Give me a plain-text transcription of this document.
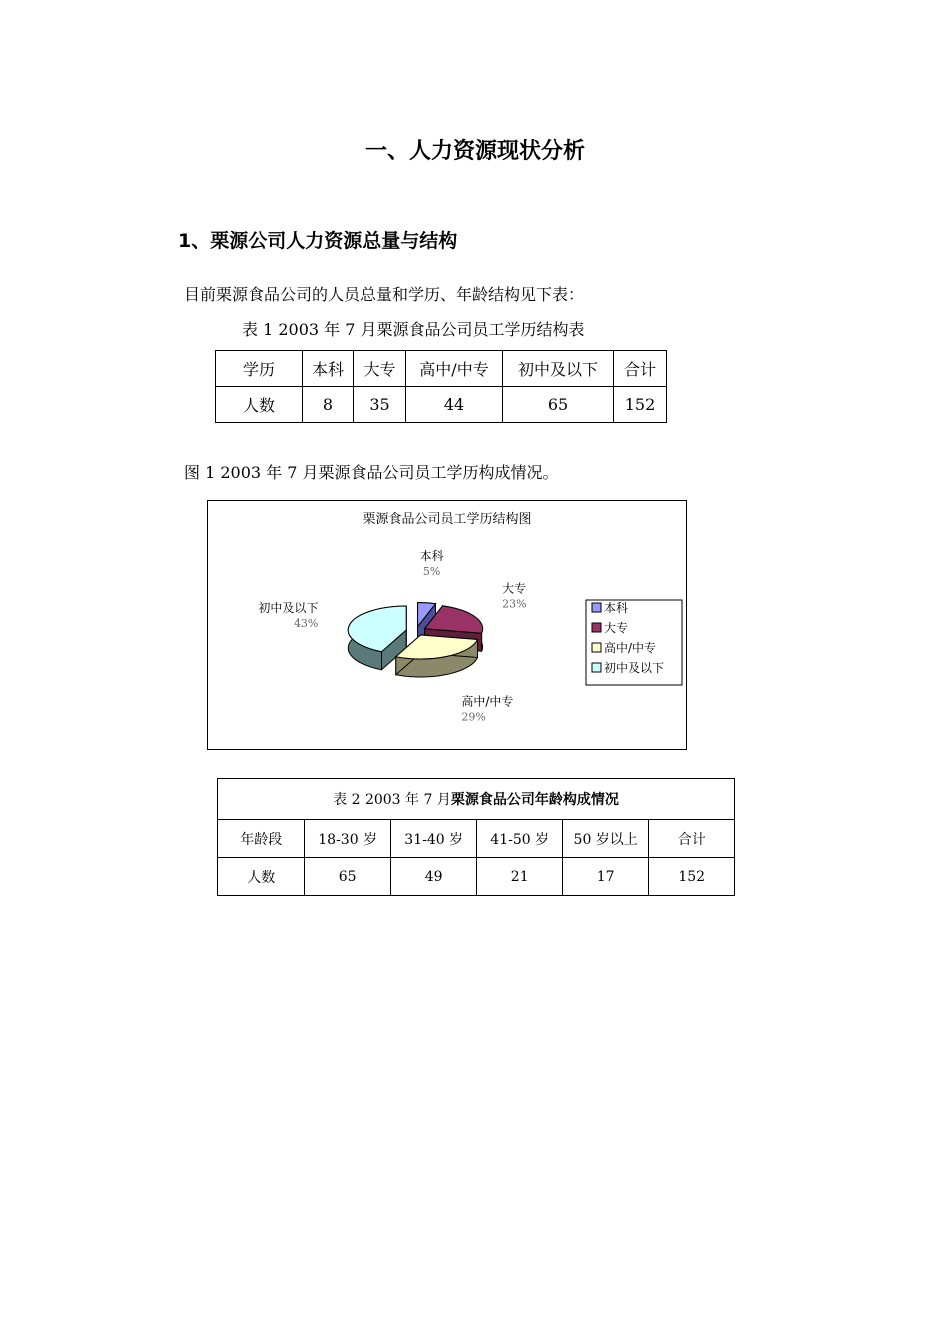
一、人力资源现状分析
1、栗源公司人力资源总量与结构
目前栗源食品公司的人员总量和学历、年龄结构见下表：
表 1 2003 年 7 月栗源食品公司员工学历结构表
学历	本科	大专	高中/中专	初中及以下	合计
人数	8	35	44	65	152
图 1 2003 年 7 月栗源食品公司员工学历构成情况。
栗源食品公司员工学历结构图
本科
5%
大专
23%
高中/中专
29%
初中及以下
43%
本科
大专
高中/中专
初中及以下
表 2 2003 年 7 月栗源食品公司年龄构成情况					
年龄段	18-30 岁	31-40 岁	41-50 岁	50 岁以上	合计
人数	65	49	21	17	152
